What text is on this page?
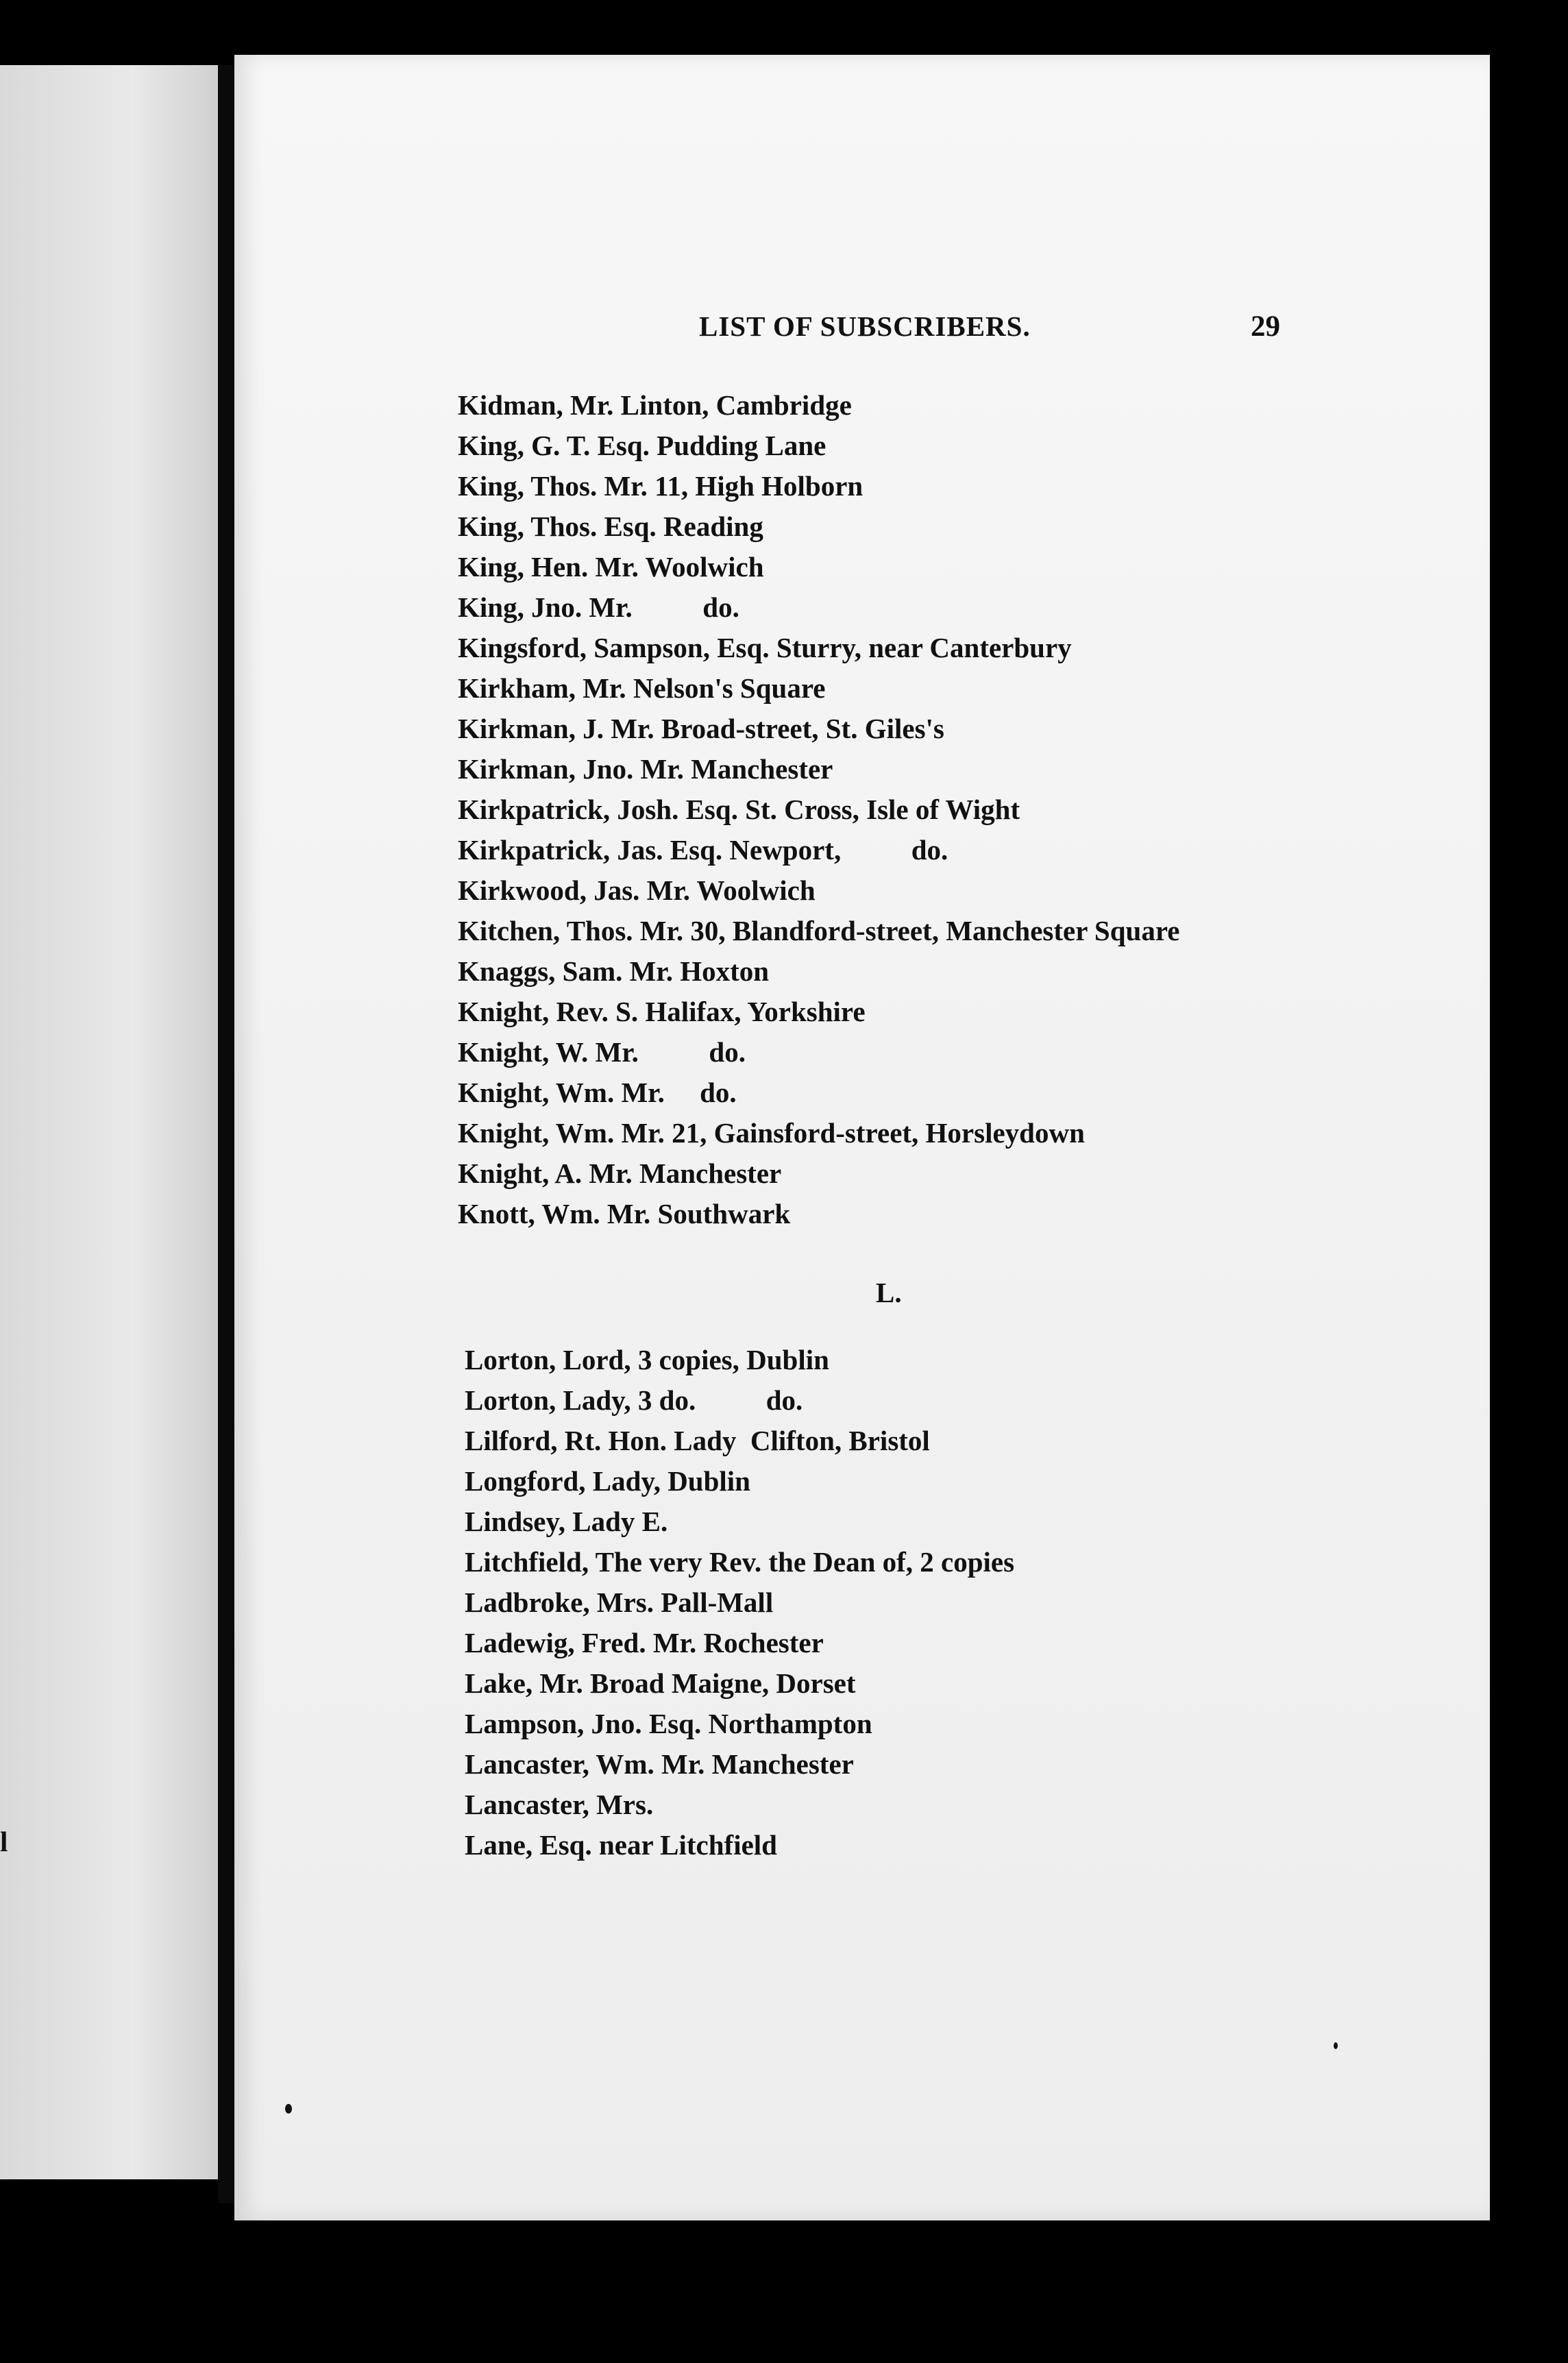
l
LIST OF SUBSCRIBERS.	29
Kidman, Mr. Linton, Cambridge
King, G. T. Esq. Pudding Lane
King, Thos. Mr. 11, High Holborn
King, Thos. Esq. Reading
King, Hen. Mr. Woolwich
King, Jno. Mr.          do.
Kingsford, Sampson, Esq. Sturry, near Canterbury
Kirkham, Mr. Nelson's Square
Kirkman, J. Mr. Broad-street, St. Giles's
Kirkman, Jno. Mr. Manchester
Kirkpatrick, Josh. Esq. St. Cross, Isle of Wight
Kirkpatrick, Jas. Esq. Newport,          do.
Kirkwood, Jas. Mr. Woolwich
Kitchen, Thos. Mr. 30, Blandford-street, Manchester Square
Knaggs, Sam. Mr. Hoxton
Knight, Rev. S. Halifax, Yorkshire
Knight, W. Mr.          do.
Knight, Wm. Mr.     do.
Knight, Wm. Mr. 21, Gainsford-street, Horsleydown
Knight, A. Mr. Manchester
Knott, Wm. Mr. Southwark
L.
Lorton, Lord, 3 copies, Dublin
Lorton, Lady, 3 do.          do.
Lilford, Rt. Hon. Lady  Clifton, Bristol
Longford, Lady, Dublin
Lindsey, Lady E.
Litchfield, The very Rev. the Dean of, 2 copies
Ladbroke, Mrs. Pall-Mall
Ladewig, Fred. Mr. Rochester
Lake, Mr. Broad Maigne, Dorset
Lampson, Jno. Esq. Northampton
Lancaster, Wm. Mr. Manchester
Lancaster, Mrs.
Lane, Esq. near Litchfield
